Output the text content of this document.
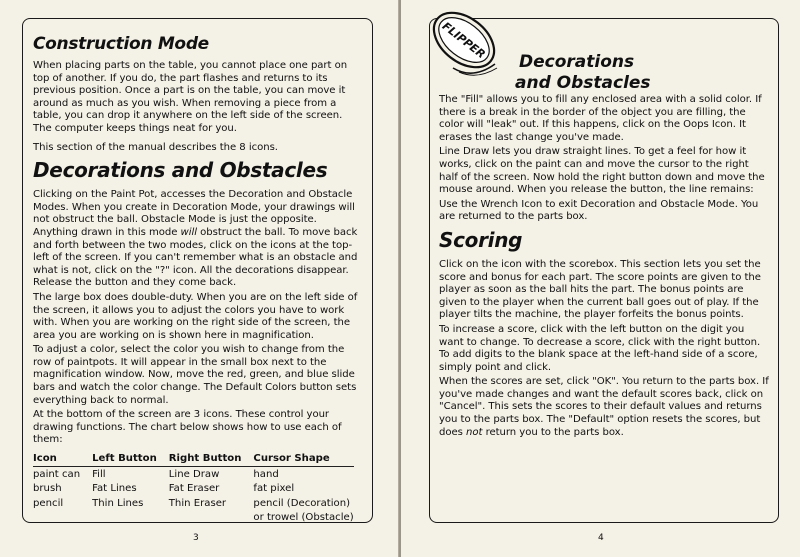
Construction Mode

When placing parts on the table, you cannot place one part on top of another. If you do, the part flashes and returns to its previous position. Once a part is on the table, you can move it around as much as you wish. When removing a piece from a table, you can drop it anywhere on the left side of the screen. The computer keeps things neat for you.

This section of the manual describes the 8 icons.

Decorations and Obstacles

Clicking on the Paint Pot, accesses the Decoration and Obstacle Modes. When you create in Decoration Mode, your drawings will not obstruct the ball. Obstacle Mode is just the opposite. Anything drawn in this mode will obstruct the ball. To move back and forth between the two modes, click on the icons at the top-left of the screen. If you can't remember what is an obstacle and what is not, click on the "?" icon. All the decorations disappear. Release the button and they come back.

The large box does double-duty. When you are on the left side of the screen, it allows you to adjust the colors you have to work with. When you are working on the right side of the screen, the area you are working on is shown here in magnification.

To adjust a color, select the color you wish to change from the row of paintpots. It will appear in the small box next to the magnification window. Now, move the red, green, and blue slide bars and watch the color change. The Default Colors button sets everything back to normal.

At the bottom of the screen are 3 icons. These control your drawing functions. The chart below shows how to use each of them:

Icon	Left Button	Right Button	Cursor Shape
paint can	Fill	Line Draw	hand
brush	Fat Lines	Fat Eraser	fat pixel
pencil	Thin Lines	Thin Eraser	pencil (Decoration)
			or trowel (Obstacle)
3
FLIPPER
Decorations
and Obstacles

The "Fill" allows you to fill any enclosed area with a solid color. If there is a break in the border of the object you are filling, the color will "leak" out. If this happens, click on the Oops Icon. It erases the last change you've made.

Line Draw lets you draw straight lines. To get a feel for how it works, click on the paint can and move the cursor to the right half of the screen. Now hold the right button down and move the mouse around. When you release the button, the line remains:

Use the Wrench Icon to exit Decoration and Obstacle Mode. You are returned to the parts box.

Scoring

Click on the icon with the scorebox. This section lets you set the score and bonus for each part. The score points are given to the player as soon as the ball hits the part. The bonus points are given to the player when the current ball goes out of play. If the player tilts the machine, the player forfeits the bonus points.

To increase a score, click with the left button on the digit you want to change. To decrease a score, click with the right button. To add digits to the blank space at the left-hand side of a score, simply point and click.

When the scores are set, click "OK". You return to the parts box. If you've made changes and want the default scores back, click on "Cancel". This sets the scores to their default values and returns you to the parts box. The "Default" option resets the scores, but does not return you to the parts box.

4
